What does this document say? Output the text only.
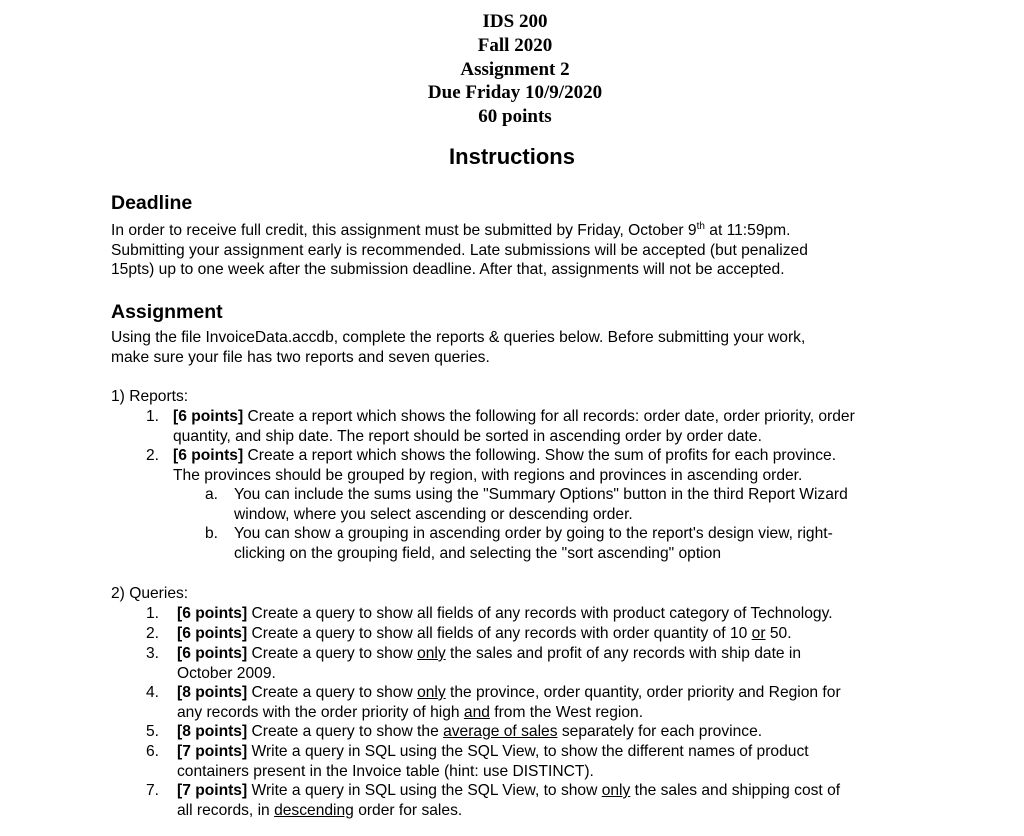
IDS 200
Fall 2020
Assignment 2
Due Friday 10/9/2020
60 points
Instructions
Deadline
In order to receive full credit, this assignment must be submitted by Friday, October 9th at 11:59pm.
Submitting your assignment early is recommended. Late submissions will be accepted (but penalized
15pts) up to one week after the submission deadline. After that, assignments will not be accepted.
Assignment
Using the file InvoiceData.accdb, complete the reports & queries below. Before submitting your work,
make sure your file has two reports and seven queries.
1) Reports:
1. [6 points] Create a report which shows the following for all records: order date, order priority, order
quantity, and ship date. The report should be sorted in ascending order by order date.
2. [6 points] Create a report which shows the following. Show the sum of profits for each province.
The provinces should be grouped by region, with regions and provinces in ascending order.
a. You can include the sums using the "Summary Options" button in the third Report Wizard
window, where you select ascending or descending order.
b. You can show a grouping in ascending order by going to the report's design view, right-
clicking on the grouping field, and selecting the "sort ascending" option
2) Queries:
1. [6 points] Create a query to show all fields of any records with product category of Technology.
2. [6 points] Create a query to show all fields of any records with order quantity of 10 or 50.
3. [6 points] Create a query to show only the sales and profit of any records with ship date in
October 2009.
4. [8 points] Create a query to show only the province, order quantity, order priority and Region for
any records with the order priority of high and from the West region.
5. [8 points] Create a query to show the average of sales separately for each province.
6. [7 points] Write a query in SQL using the SQL View, to show the different names of product
containers present in the Invoice table (hint: use DISTINCT).
7. [7 points] Write a query in SQL using the SQL View, to show only the sales and shipping cost of
all records, in descending order for sales.
